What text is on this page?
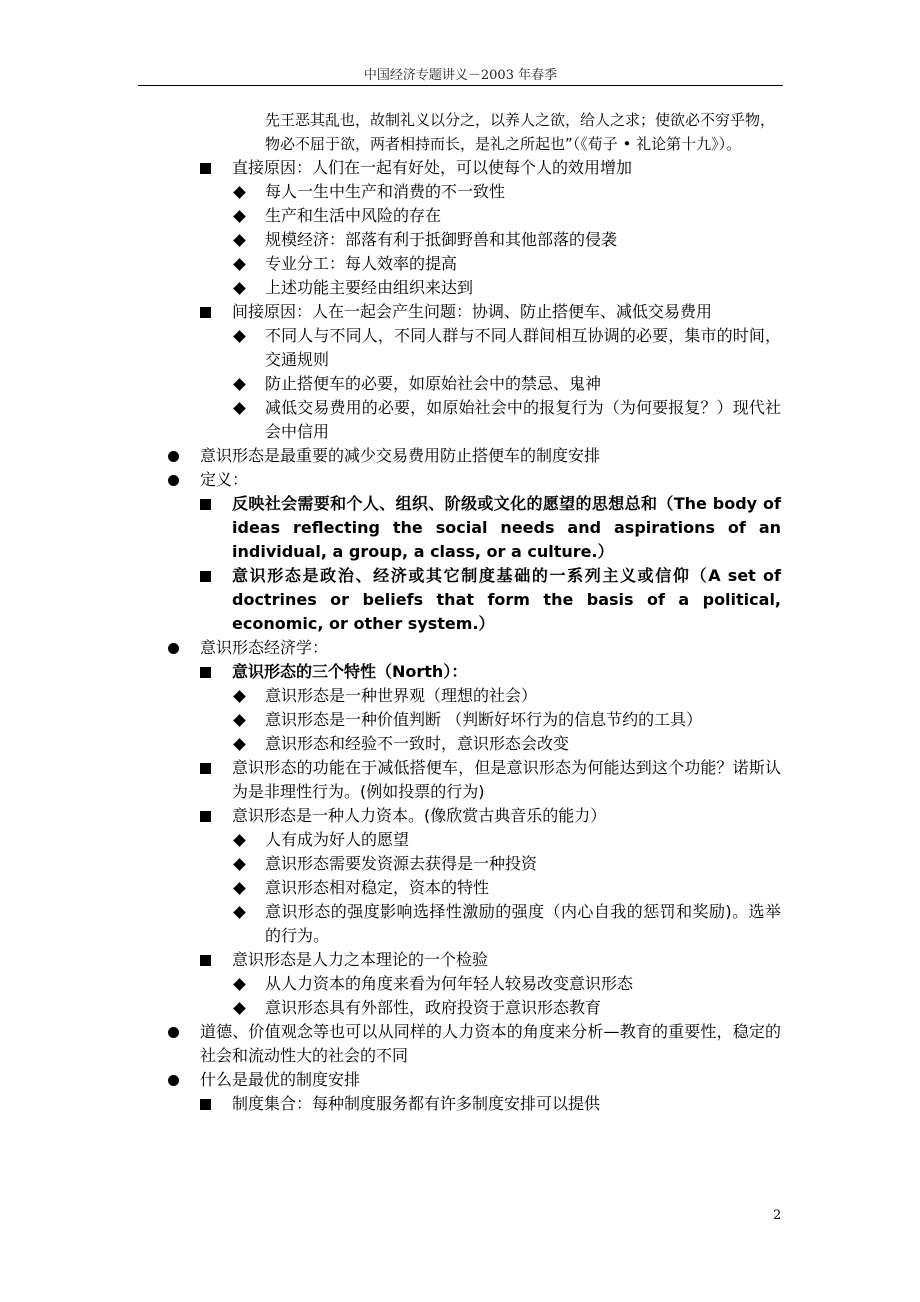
中国经济专题讲义－2003 年春季
先王恶其乱也，故制礼义以分之，以养人之欲，给人之求；使欲必不穷乎物，物必不屈于欲，两者相持而长，是礼之所起也”（《荀子 • 礼论第十九》）。
直接原因：人们在一起有好处，可以使每个人的效用增加
每人一生中生产和消费的不一致性
生产和生活中风险的存在
规模经济：部落有利于抵御野兽和其他部落的侵袭
专业分工：每人效率的提高
上述功能主要经由组织来达到
间接原因：人在一起会产生问题：协调、防止搭便车、减低交易费用
不同人与不同人，不同人群与不同人群间相互协调的必要，集市的时间，交通规则
防止搭便车的必要，如原始社会中的禁忌、鬼神
减低交易费用的必要，如原始社会中的报复行为（为何要报复？）现代社会中信用
意识形态是最重要的减少交易费用防止搭便车的制度安排
定义：
反映社会需要和个人、组织、阶级或文化的愿望的思想总和（The body of ideas reflecting the social needs and aspirations of an individual, a group, a class, or a culture.）
意识形态是政治、经济或其它制度基础的一系列主义或信仰（A set of doctrines or beliefs that form the basis of a political, economic, or other system.）
意识形态经济学：
意识形态的三个特性（North）：
意识形态是一种世界观（理想的社会）
意识形态是一种价值判断 （判断好坏行为的信息节约的工具）
意识形态和经验不一致时，意识形态会改变
意识形态的功能在于减低搭便车，但是意识形态为何能达到这个功能？诺斯认为是非理性行为。(例如投票的行为)
意识形态是一种人力资本。(像欣赏古典音乐的能力）
人有成为好人的愿望
意识形态需要发资源去获得是一种投资
意识形态相对稳定，资本的特性
意识形态的强度影响选择性激励的强度（内心自我的惩罚和奖励)。选举的行为。
意识形态是人力之本理论的一个检验
从人力资本的角度来看为何年轻人较易改变意识形态
意识形态具有外部性，政府投资于意识形态教育
道德、价值观念等也可以从同样的人力资本的角度来分析—教育的重要性，稳定的社会和流动性大的社会的不同
什么是最优的制度安排
制度集合：每种制度服务都有许多制度安排可以提供
2
